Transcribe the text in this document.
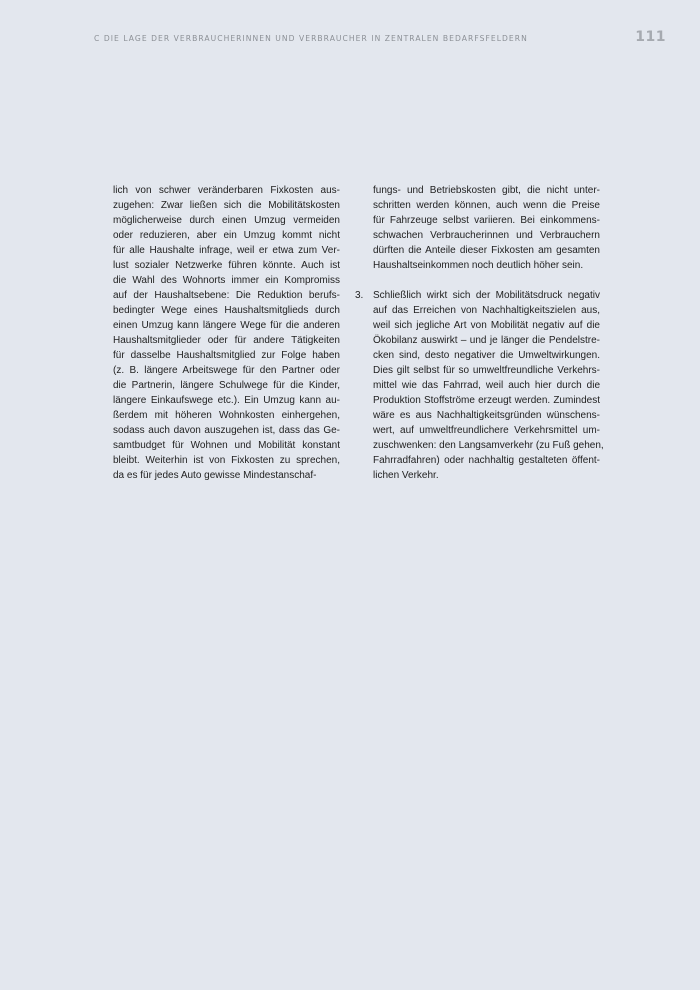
C DIE LAGE DER VERBRAUCHERINNEN UND VERBRAUCHER IN ZENTRALEN BEDARFSFELDERN	111
lich von schwer veränderbaren Fixkosten aus-
zugehen: Zwar ließen sich die Mobilitätskosten
möglicherweise durch einen Umzug vermeiden
oder reduzieren, aber ein Umzug kommt nicht
für alle Haushalte infrage, weil er etwa zum Ver-
lust sozialer Netzwerke führen könnte. Auch ist
die Wahl des Wohnorts immer ein Kompromiss
auf der Haushaltsebene: Die Reduktion berufs-
bedingter Wege eines Haushaltsmitglieds durch
einen Umzug kann längere Wege für die anderen
Haushaltsmitglieder oder für andere Tätigkeiten
für dasselbe Haushaltsmitglied zur Folge haben
(z. B. längere Arbeitswege für den Partner oder
die Partnerin, längere Schulwege für die Kinder,
längere Einkaufswege etc.). Ein Umzug kann au-
ßerdem mit höheren Wohnkosten einhergehen,
sodass auch davon auszugehen ist, dass das Ge-
samtbudget für Wohnen und Mobilität konstant
bleibt. Weiterhin ist von Fixkosten zu sprechen,
da es für jedes Auto gewisse Mindestanschaf-
fungs- und Betriebskosten gibt, die nicht unter-
schritten werden können, auch wenn die Preise
für Fahrzeuge selbst variieren. Bei einkommens-
schwachen Verbraucherinnen und Verbrauchern
dürften die Anteile dieser Fixkosten am gesamten
Haushaltseinkommen noch deutlich höher sein.
3. Schließlich wirkt sich der Mobilitätsdruck negativ
auf das Erreichen von Nachhaltigkeitszielen aus,
weil sich jegliche Art von Mobilität negativ auf die
Ökobilanz auswirkt – und je länger die Pendelstre-
cken sind, desto negativer die Umweltwirkungen.
Dies gilt selbst für so umweltfreundliche Verkehrs-
mittel wie das Fahrrad, weil auch hier durch die
Produktion Stoffströme erzeugt werden. Zumindest
wäre es aus Nachhaltigkeitsgründen wünschens-
wert, auf umweltfreundlichere Verkehrsmittel um-
zuschwenken: den Langsamverkehr (zu Fuß gehen,
Fahrradfahren) oder nachhaltig gestalteten öffent-
lichen Verkehr.
